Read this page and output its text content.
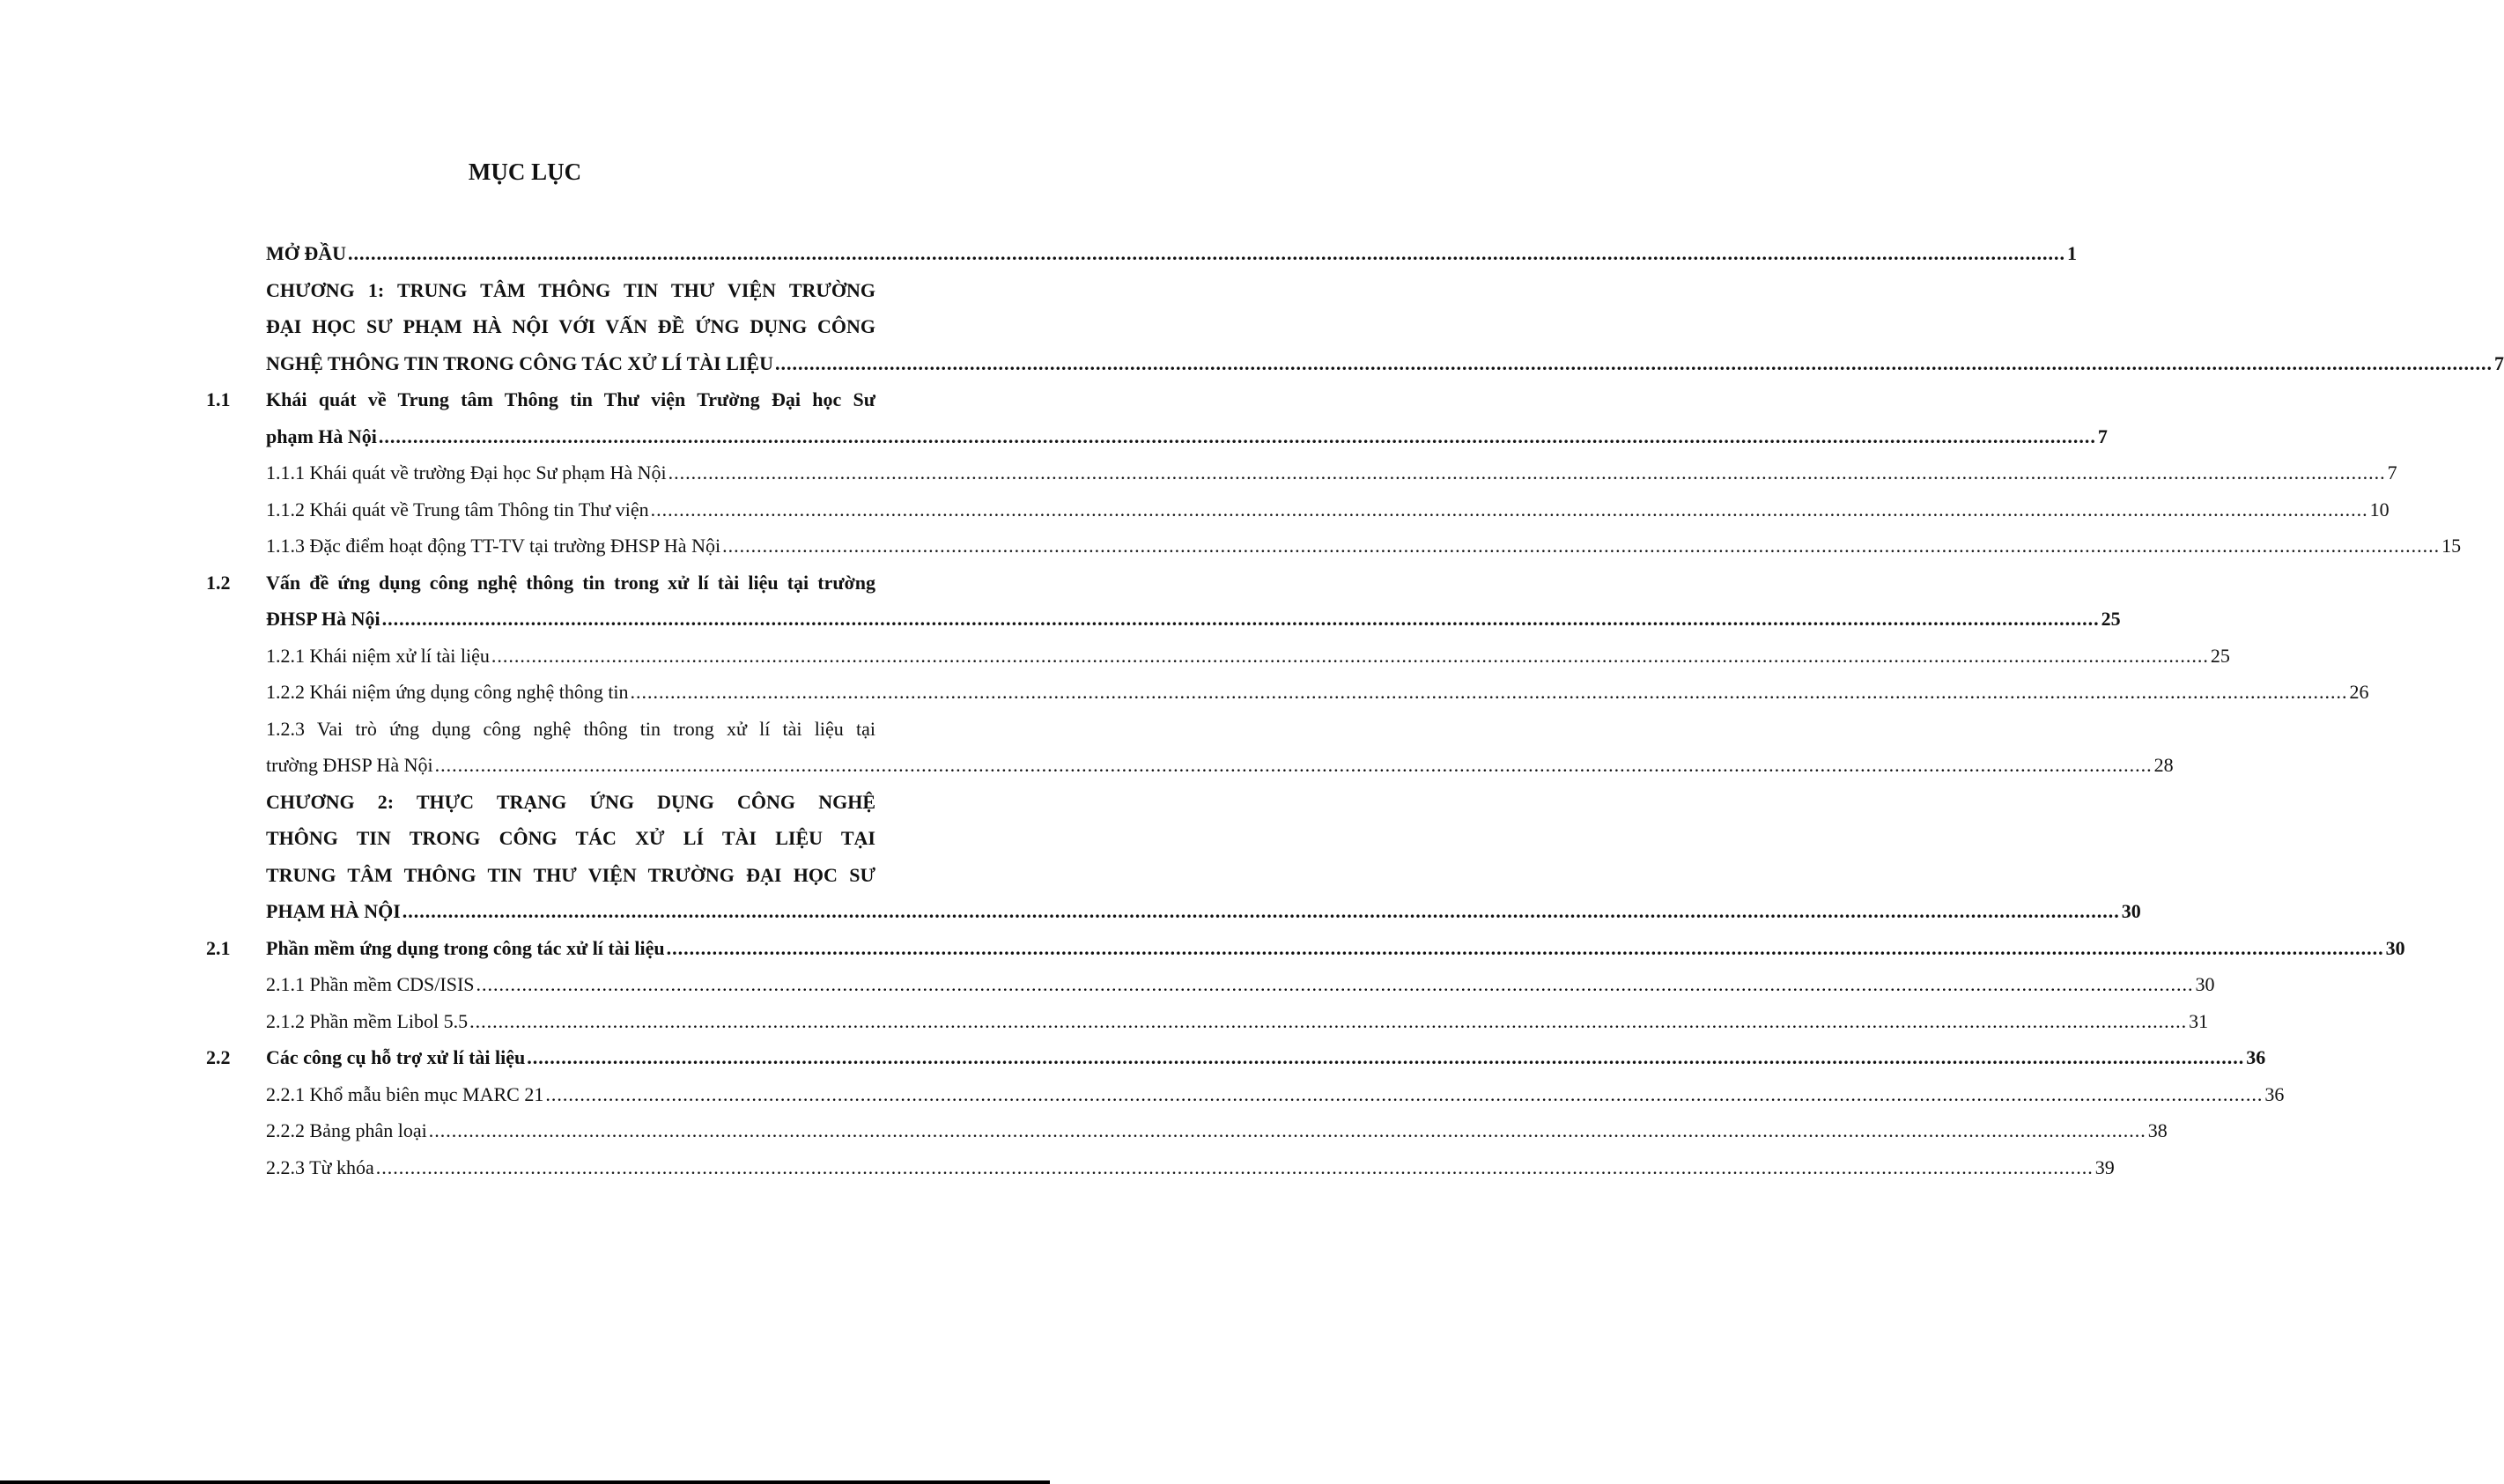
MỤC LỤC
MỞ ĐẦU ............................................................................................................................................................................................................................................................................................................ 1
CHƯƠNG 1: TRUNG TÂM THÔNG TIN THƯ VIỆN TRƯỜNG
ĐẠI HỌC SƯ PHẠM HÀ NỘI VỚI VẤN ĐỀ ỨNG DỤNG CÔNG
NGHỆ THÔNG TIN TRONG CÔNG TÁC XỬ LÍ TÀI LIỆU ............................................................................................................................................................................................................................................................................................................ 7
1.1 Khái quát về Trung tâm Thông tin Thư viện Trường Đại học Sư
phạm Hà Nội ............................................................................................................................................................................................................................................................................................................ 7
1.1.1 Khái quát về trường Đại học Sư phạm Hà Nội ............................................................................................................................................................................................................................................................................................................ 7
1.1.2 Khái quát về Trung tâm Thông tin Thư viện ............................................................................................................................................................................................................................................................................................................ 10
1.1.3 Đặc điểm hoạt động TT-TV tại trường ĐHSP Hà Nội ............................................................................................................................................................................................................................................................................................................ 15
1.2 Vấn đề ứng dụng công nghệ thông tin trong xử lí tài liệu tại trường
ĐHSP Hà Nội ............................................................................................................................................................................................................................................................................................................ 25
1.2.1 Khái niệm xử lí tài liệu ............................................................................................................................................................................................................................................................................................................ 25
1.2.2 Khái niệm ứng dụng công nghệ thông tin ............................................................................................................................................................................................................................................................................................................ 26
1.2.3 Vai trò ứng dụng công nghệ thông tin trong xử lí tài liệu tại
trường ĐHSP Hà Nội ............................................................................................................................................................................................................................................................................................................ 28
CHƯƠNG 2: THỰC TRẠNG ỨNG DỤNG CÔNG NGHỆ
THÔNG TIN TRONG CÔNG TÁC XỬ LÍ TÀI LIỆU TẠI
TRUNG TÂM THÔNG TIN THƯ VIỆN TRƯỜNG ĐẠI HỌC SƯ
PHẠM HÀ NỘI ............................................................................................................................................................................................................................................................................................................ 30
2.1 Phần mềm ứng dụng trong công tác xử lí tài liệu ............................................................................................................................................................................................................................................................................................................ 30
2.1.1 Phần mềm CDS/ISIS ............................................................................................................................................................................................................................................................................................................ 30
2.1.2 Phần mềm Libol 5.5 ............................................................................................................................................................................................................................................................................................................ 31
2.2 Các công cụ hỗ trợ xử lí tài liệu ............................................................................................................................................................................................................................................................................................................ 36
2.2.1 Khổ mẫu biên mục MARC 21 ............................................................................................................................................................................................................................................................................................................ 36
2.2.2 Bảng phân loại ............................................................................................................................................................................................................................................................................................................ 38
2.2.3 Từ khóa ............................................................................................................................................................................................................................................................................................................ 39
